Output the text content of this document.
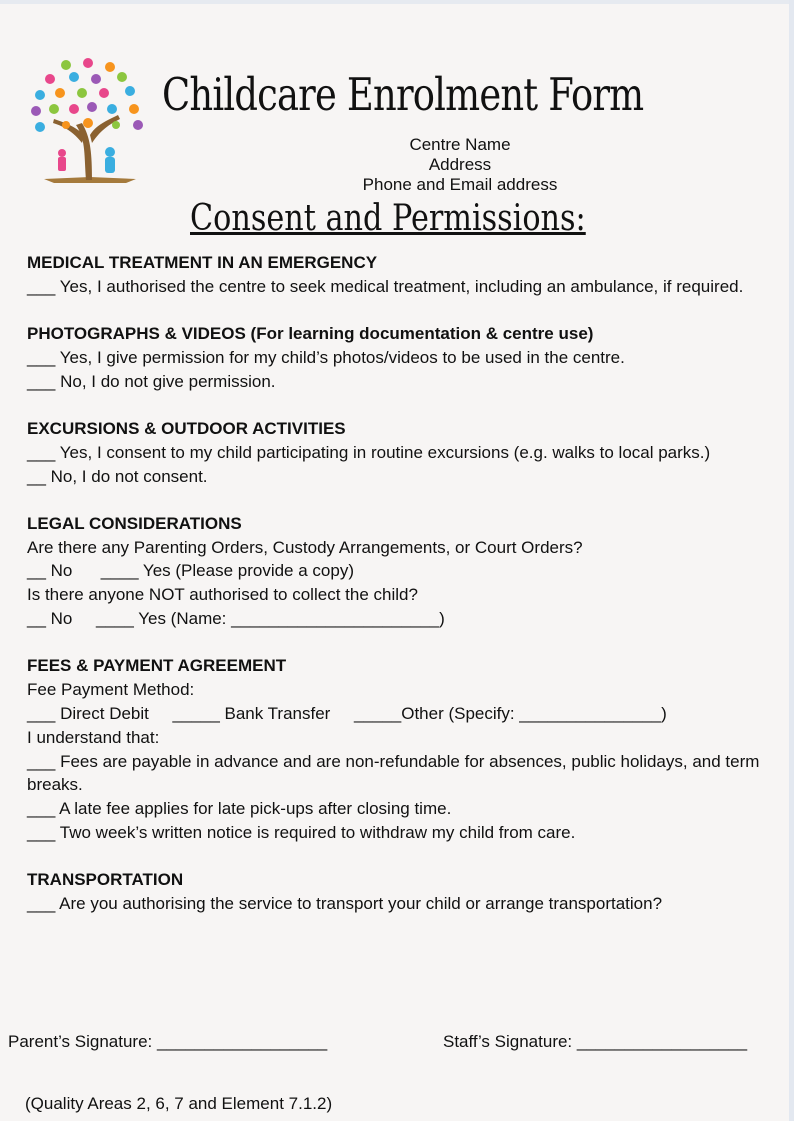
Childcare Enrolment Form
Centre Name
Address
Phone and Email address
Consent and Permissions:
MEDICAL TREATMENT IN AN EMERGENCY
___ Yes, I authorised the centre to seek medical treatment, including an ambulance, if required.
PHOTOGRAPHS & VIDEOS (For learning documentation & centre use)
___ Yes, I give permission for my child’s photos/videos to be used in the centre.
___ No, I do not give permission.
EXCURSIONS & OUTDOOR ACTIVITIES
___ Yes, I consent to my child participating in routine excursions (e.g. walks to local parks.)
__ No, I do not consent.
LEGAL CONSIDERATIONS
Are there any Parenting Orders, Custody Arrangements, or Court Orders?
__ No      ____ Yes (Please provide a copy)
Is there anyone NOT authorised to collect the child?
__ No     ____ Yes (Name: ______________________)
FEES & PAYMENT AGREEMENT
Fee Payment Method:
___ Direct Debit     _____ Bank Transfer     _____Other (Specify: _______________)
I understand that:
___ Fees are payable in advance and are non-refundable for absences, public holidays, and term breaks.
___ A late fee applies for late pick-ups after closing time.
___ Two week’s written notice is required to withdraw my child from care.
TRANSPORTATION
___ Are you authorising the service to transport your child or arrange transportation?
Parent’s Signature: __________________	Staff’s Signature: __________________
(Quality Areas 2, 6, 7 and Element 7.1.2)
